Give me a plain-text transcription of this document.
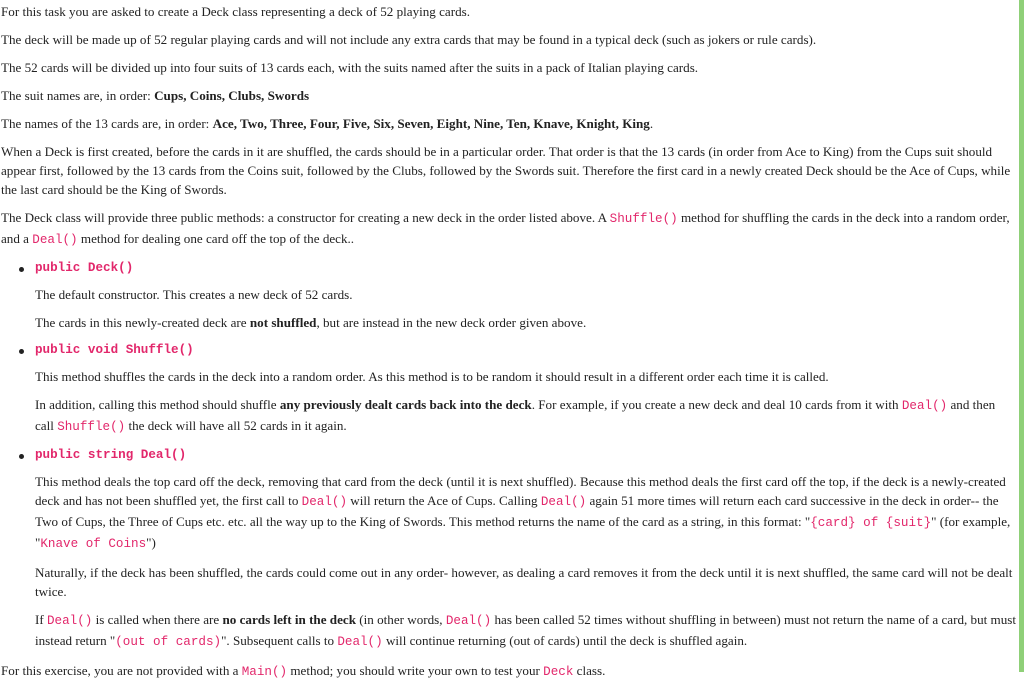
For this task you are asked to create a Deck class representing a deck of 52 playing cards.

The deck will be made up of 52 regular playing cards and will not include any extra cards that may be found in a typical deck (such as jokers or rule cards).

The 52 cards will be divided up into four suits of 13 cards each, with the suits named after the suits in a pack of Italian playing cards.

The suit names are, in order: Cups, Coins, Clubs, Swords

The names of the 13 cards are, in order: Ace, Two, Three, Four, Five, Six, Seven, Eight, Nine, Ten, Knave, Knight, King.

When a Deck is first created, before the cards in it are shuffled, the cards should be in a particular order. That order is that the 13 cards (in order from Ace to King) from the Cups suit should appear first, followed by the 13 cards from the Coins suit, followed by the Clubs, followed by the Swords suit. Therefore the first card in a newly created Deck should be the Ace of Cups, while the last card should be the King of Swords.

The Deck class will provide three public methods: a constructor for creating a new deck in the order listed above. A Shuffle() method for shuffling the cards in the deck into a random order, and a Deal() method for dealing one card off the top of the deck..

public Deck()

The default constructor. This creates a new deck of 52 cards.

The cards in this newly-created deck are not shuffled, but are instead in the new deck order given above.

public void Shuffle()

This method shuffles the cards in the deck into a random order. As this method is to be random it should result in a different order each time it is called.

In addition, calling this method should shuffle any previously dealt cards back into the deck. For example, if you create a new deck and deal 10 cards from it with Deal() and then call Shuffle() the deck will have all 52 cards in it again.

public string Deal()

This method deals the top card off the deck, removing that card from the deck (until it is next shuffled). Because this method deals the first card off the top, if the deck is a newly-created deck and has not been shuffled yet, the first call to Deal() will return the Ace of Cups. Calling Deal() again 51 more times will return each card successive in the deck in order-- the Two of Cups, the Three of Cups etc. etc. all the way up to the King of Swords. This method returns the name of the card as a string, in this format: "{card} of {suit}" (for example, "Knave of Coins")

Naturally, if the deck has been shuffled, the cards could come out in any order- however, as dealing a card removes it from the deck until it is next shuffled, the same card will not be dealt twice.

If Deal() is called when there are no cards left in the deck (in other words, Deal() has been called 52 times without shuffling in between) must not return the name of a card, but must instead return "(out of cards)". Subsequent calls to Deal() will continue returning (out of cards) until the deck is shuffled again.

For this exercise, you are not provided with a Main() method; you should write your own to test your Deck class.
